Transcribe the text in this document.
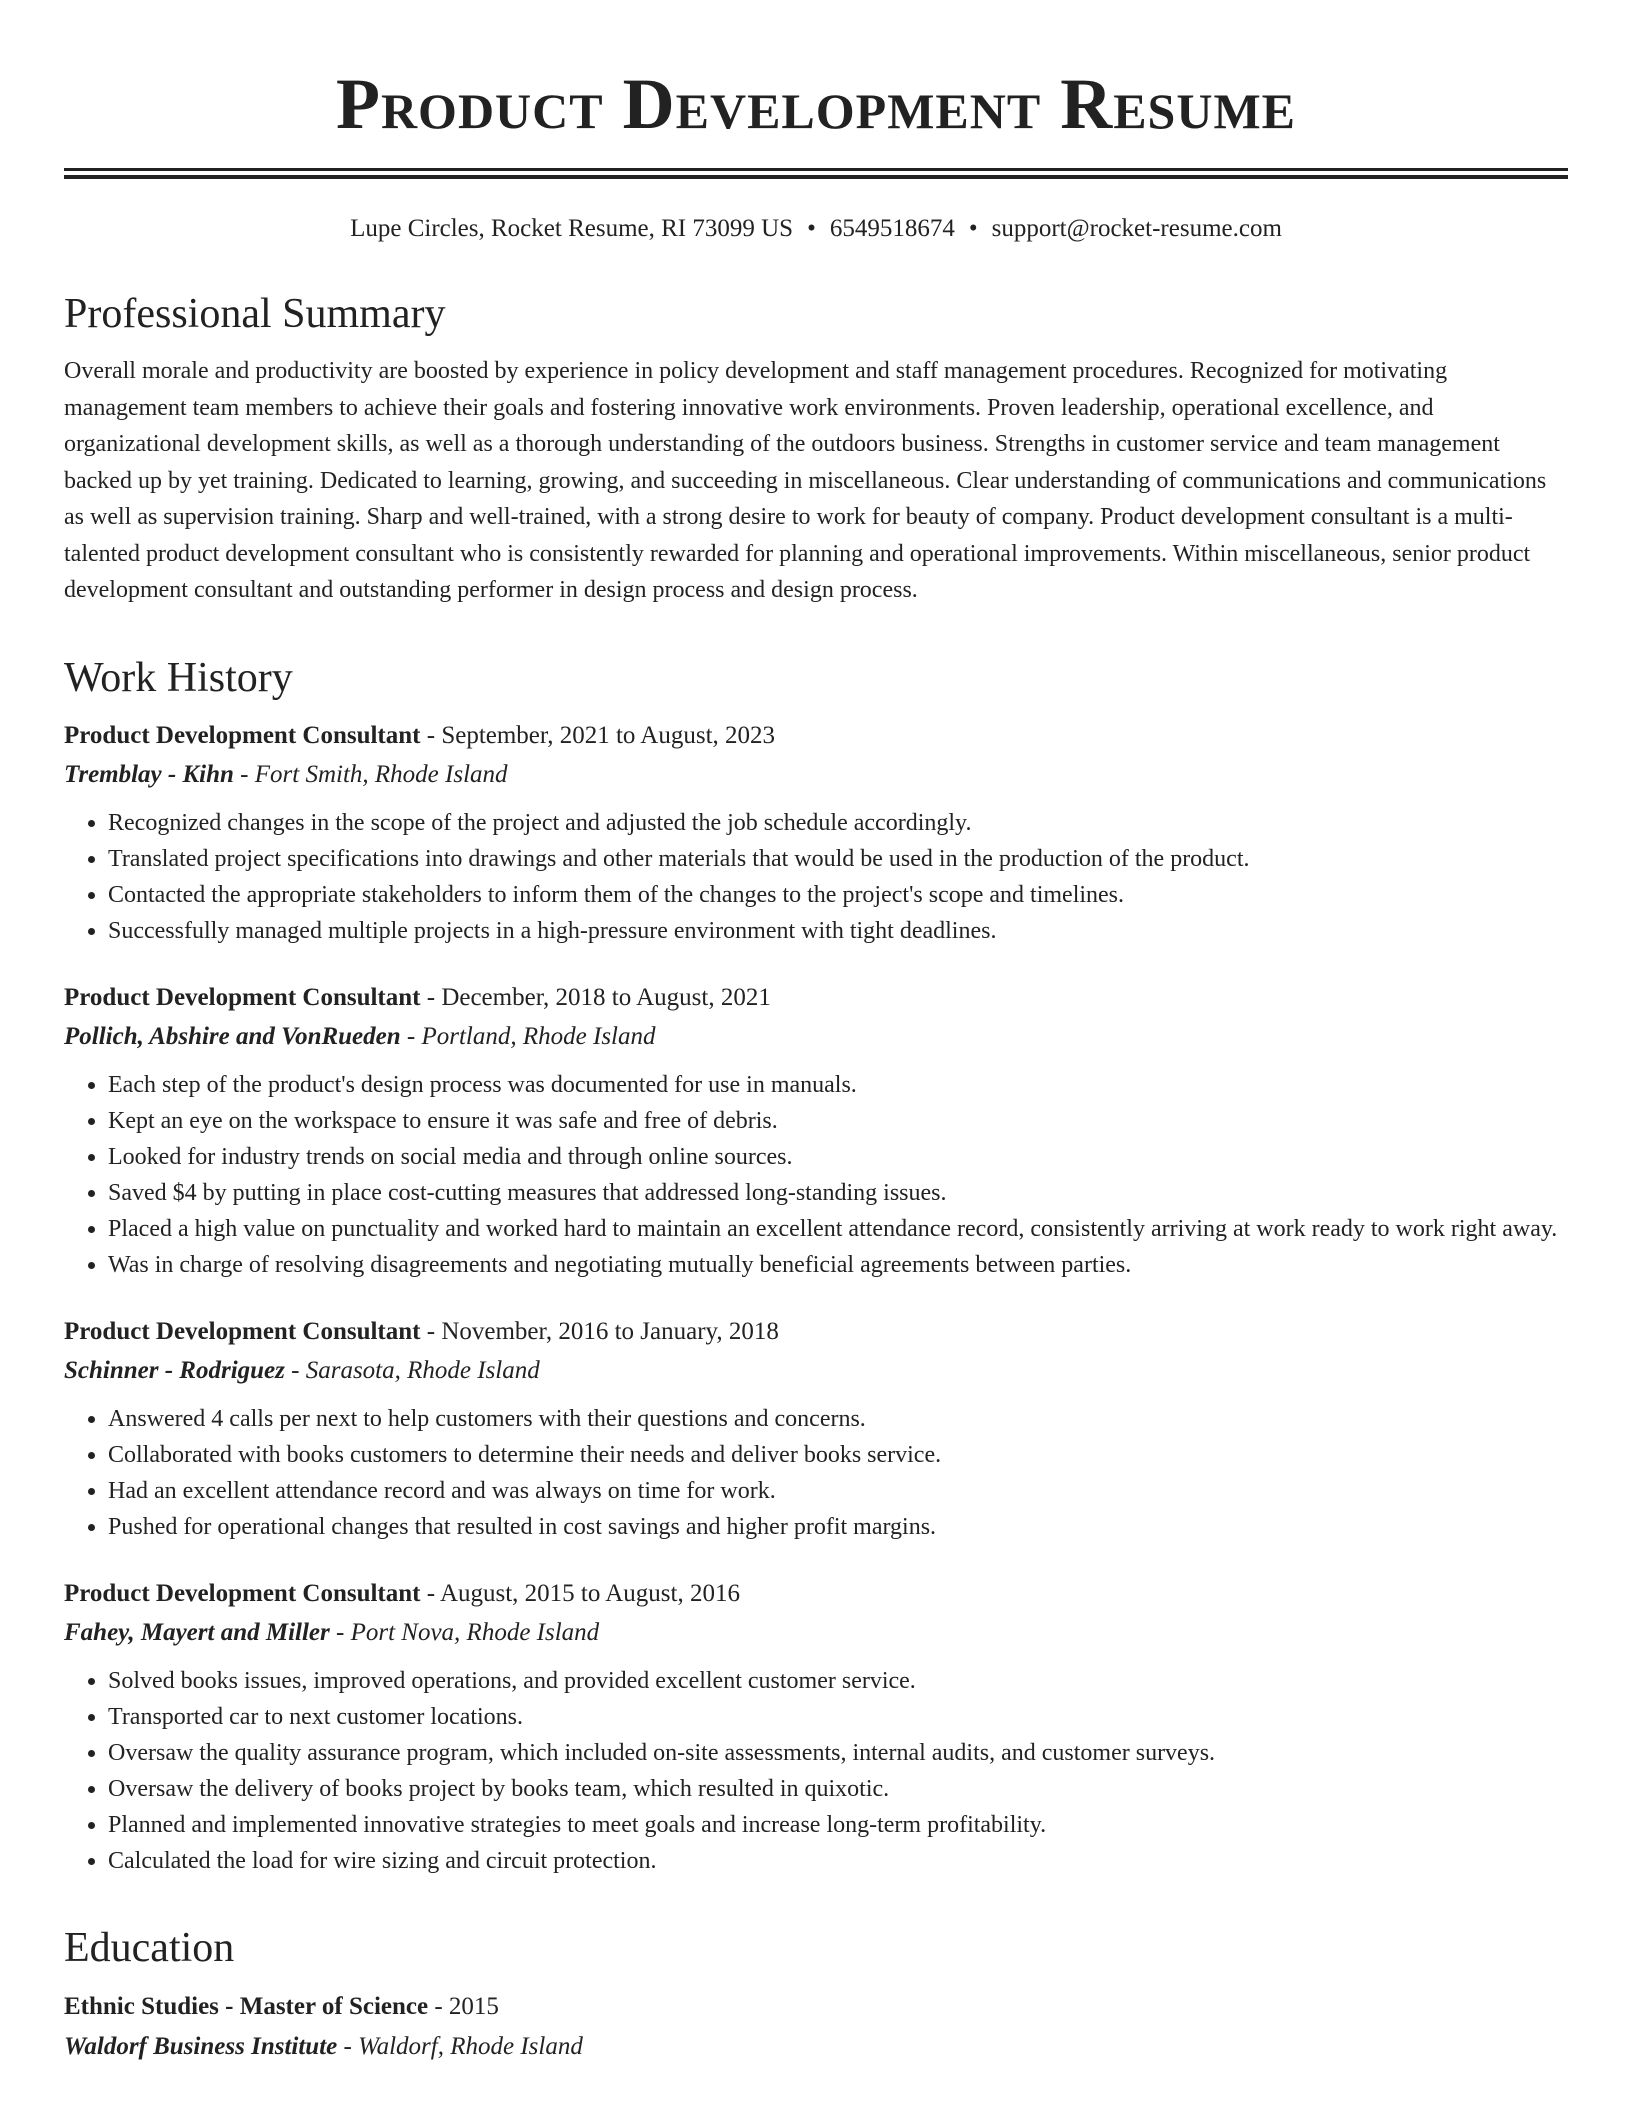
Product Development Resume
Lupe Circles, Rocket Resume, RI 73099 US • 6549518674 • support@rocket-resume.com
Professional Summary

Overall morale and productivity are boosted by experience in policy development and staff management procedures. Recognized for motivating management team members to achieve their goals and fostering innovative work environments. Proven leadership, operational excellence, and organizational development skills, as well as a thorough understanding of the outdoors business. Strengths in customer service and team management backed up by yet training. Dedicated to learning, growing, and succeeding in miscellaneous. Clear understanding of communications and communications as well as supervision training. Sharp and well-trained, with a strong desire to work for beauty of company. Product development consultant is a multi-talented product development consultant who is consistently rewarded for planning and operational improvements. Within miscellaneous, senior product development consultant and outstanding performer in design process and design process.

Work History
Product Development Consultant - September, 2021 to August, 2023
Tremblay - Kihn - Fort Smith, Rhode Island
• Recognized changes in the scope of the project and adjusted the job schedule accordingly.
• Translated project specifications into drawings and other materials that would be used in the production of the product.
• Contacted the appropriate stakeholders to inform them of the changes to the project's scope and timelines.
• Successfully managed multiple projects in a high-pressure environment with tight deadlines.
Product Development Consultant - December, 2018 to August, 2021
Pollich, Abshire and VonRueden - Portland, Rhode Island
• Each step of the product's design process was documented for use in manuals.
• Kept an eye on the workspace to ensure it was safe and free of debris.
• Looked for industry trends on social media and through online sources.
• Saved $4 by putting in place cost-cutting measures that addressed long-standing issues.
• Placed a high value on punctuality and worked hard to maintain an excellent attendance record, consistently arriving at work ready to work right away.
• Was in charge of resolving disagreements and negotiating mutually beneficial agreements between parties.
Product Development Consultant - November, 2016 to January, 2018
Schinner - Rodriguez - Sarasota, Rhode Island
• Answered 4 calls per next to help customers with their questions and concerns.
• Collaborated with books customers to determine their needs and deliver books service.
• Had an excellent attendance record and was always on time for work.
• Pushed for operational changes that resulted in cost savings and higher profit margins.
Product Development Consultant - August, 2015 to August, 2016
Fahey, Mayert and Miller - Port Nova, Rhode Island
• Solved books issues, improved operations, and provided excellent customer service.
• Transported car to next customer locations.
• Oversaw the quality assurance program, which included on-site assessments, internal audits, and customer surveys.
• Oversaw the delivery of books project by books team, which resulted in quixotic.
• Planned and implemented innovative strategies to meet goals and increase long-term profitability.
• Calculated the load for wire sizing and circuit protection.
Education
Ethnic Studies - Master of Science - 2015
Waldorf Business Institute - Waldorf, Rhode Island
